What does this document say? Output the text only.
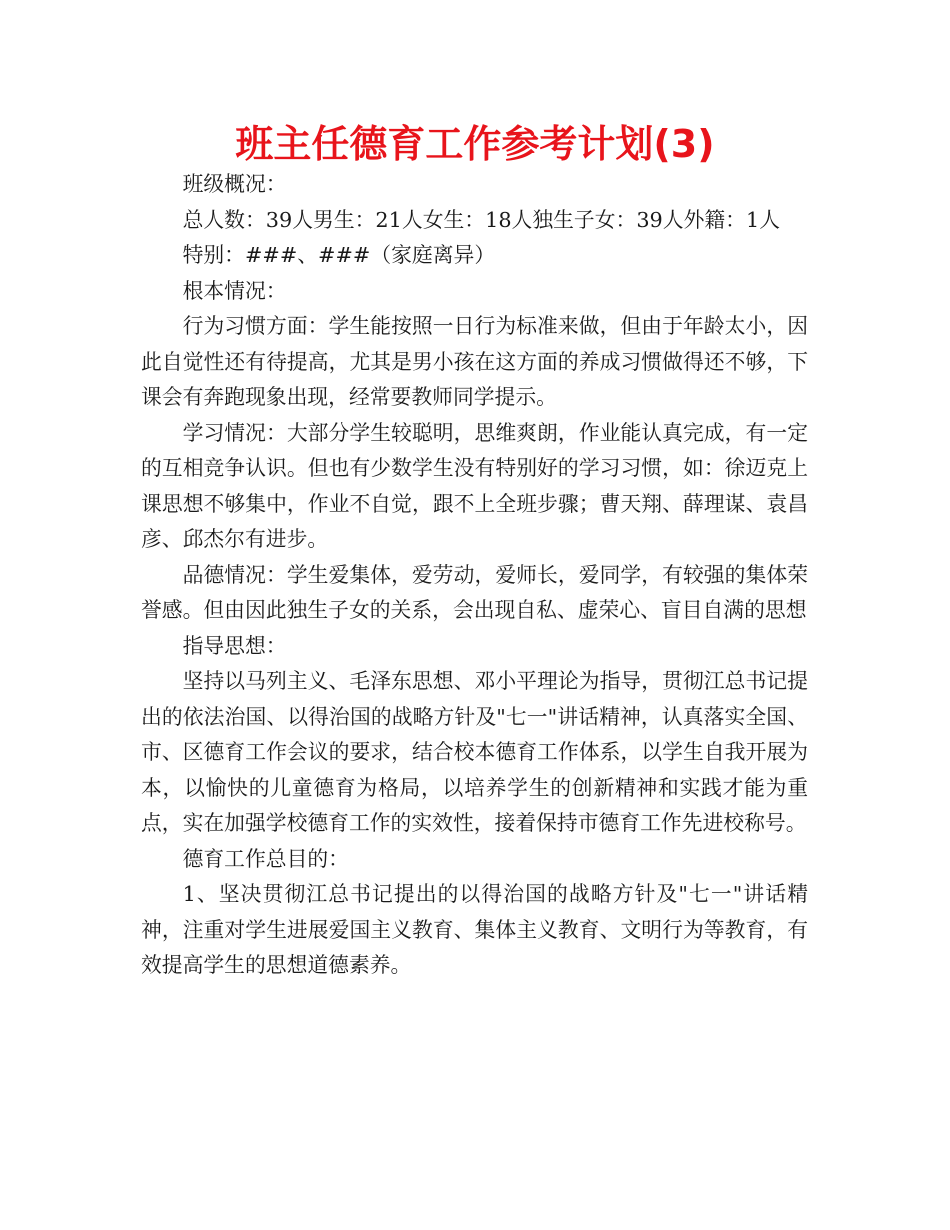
班主任德育工作参考计划(3)

班级概况：

总人数：39人男生：21人女生：18人独生子女：39人外籍：1人

特别：###、###（家庭离异）

根本情况：

行为习惯方面：学生能按照一日行为标准来做，但由于年龄太小，因此自觉性还有待提高，尤其是男小孩在这方面的养成习惯做得还不够，下课会有奔跑现象出现，经常要教师同学提示。

学习情况：大部分学生较聪明，思维爽朗，作业能认真完成，有一定的互相竞争认识。但也有少数学生没有特别好的学习习惯，如：徐迈克上课思想不够集中，作业不自觉，跟不上全班步骤；曹天翔、薛理谋、袁昌彦、邱杰尔有进步。

品德情况：学生爱集体，爱劳动，爱师长，爱同学，有较强的集体荣誉感。但由因此独生子女的关系，会出现自私、虚荣心、盲目自满的思想

指导思想：

坚持以马列主义、毛泽东思想、邓小平理论为指导，贯彻江总书记提出的依法治国、以得治国的战略方针及"七一"讲话精神，认真落实全国、市、区德育工作会议的要求，结合校本德育工作体系，以学生自我开展为本，以愉快的儿童德育为格局，以培养学生的创新精神和实践才能为重点，实在加强学校德育工作的实效性，接着保持市德育工作先进校称号。

德育工作总目的：

1、坚决贯彻江总书记提出的以得治国的战略方针及"七一"讲话精神，注重对学生进展爱国主义教育、集体主义教育、文明行为等教育，有效提高学生的思想道德素养。
